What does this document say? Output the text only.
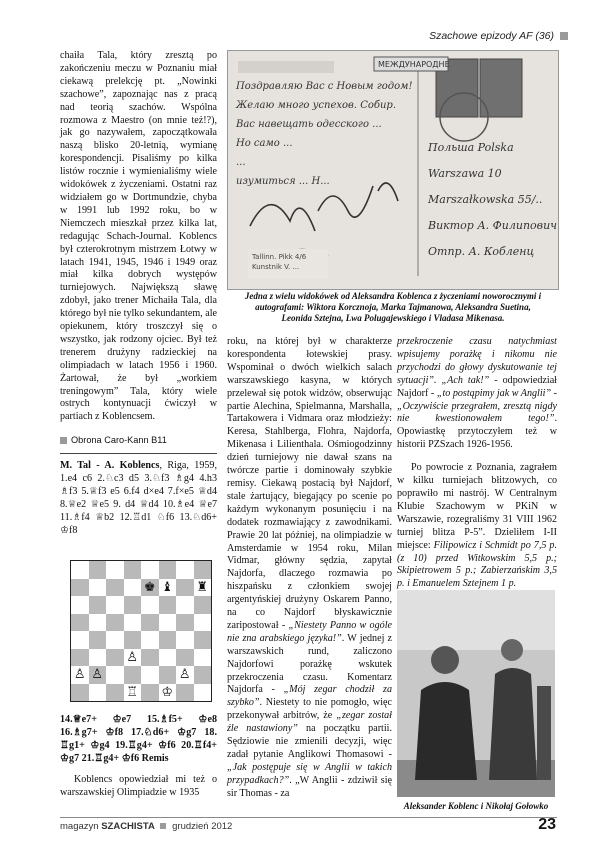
Szachowe epizody AF (36)

chaiła Tala, który zresztą po zakończeniu meczu w Poznaniu miał ciekawą prelekcję pt. „Nowinki szachowe”, zapoznając nas z pracą nad teorią szachów. Wspólna rozmowa z Maestro (on mnie też!?), jak go nazywałem, zapoczątkowała naszą blisko 20-letnią, wymianę korespondencji. Pisaliśmy po kilka listów rocznie i wymienialiśmy wiele widokówek z życzeniami. Ostatni raz widziałem go w Dortmundzie, chyba w 1991 lub 1992 roku, bo w Niemczech mieszkał przez kilka lat, redagując Schach-Journal. Koblencs był czterokrotnym mistrzem Łotwy w latach 1941, 1945, 1946 i 1949 oraz miał kilka dobrych występów turniejowych. Największą sławę zdobył, jako trener Michaiła Tala, dla którego był nie tylko sekundantem, ale opiekunem, który troszczył się o wszystko, jak rodzony ojciec. Był też trenerem drużyny radzieckiej na olimpiadach w latach 1956 i 1960. Żartował, że był „workiem treningowym” Tala, który wiele ostrych kontynuacji ćwiczył w partiach z Koblencsem.

Obrona Caro-Kann B11

M. Tal - A. Koblencs, Riga, 1959, 1.e4 c6 2.♘c3 d5 3.♘f3 ♗g4 4.h3 ♗f3 5.♕f3 e5 6.f4 d×e4 7.f×e5 ♕d4 8.♕e2 ♕e5 9. d4 ♕d4 10.♗e4 ♕e7 11.♗f4 ♕b2 12.♖d1 ♘f6 13.♘d6+ ♔f8

♚ ♝ ♜
♙
♙ ♙	♙
♖ ♔

14.♕e7+ ♔e7 15.♗f5+ ♔e8 16.♗g7+ ♔f8 17.♘d6+ ♔g7 18. ♖g1+ ♔g4 19.♖g4+ ♔f6 20.♖f4+ ♔g7 21.♖g4+ ♔f6 Remis

Koblencs opowiedział mi też o warszawskiej Olimpiadzie w 1935

МЕЖДУНАРОДНЕ
Поздравляю Вас с Новым годом!
Желаю много успехов. Собир.
Вас навещать одесского ...
Но само ...
...
изумиться ... Н...
Польша Polska
Warszawa 10
Marszałkowska 55/..
Виктор А. Филипович
Отпр. А. Кобленц
Tallinn. Pikk 4/6
Kunstnik V. ...
Jedna z wielu widokówek od Aleksandra Koblenca z życzeniami noworocznymi i autografami: Wiktora Korcznoja, Marka Tajmanowa, Aleksandra Suetina, Leonida Sztejna, Lwa Polugajewskiego i Vladasa Mikenasa.

roku, na której był w charakterze korespondenta łotewskiej prasy. Wspominał o dwóch wielkich salach warszawskiego kasyna, w których przelewał się potok widzów, obserwując partie Alechina, Spielmanna, Marshalla, Tartakowera i Vidmara oraz młodzieży: Keresa, Stahlberga, Flohra, Najdorfa, Mikenasa i Lilienthala. Ośmiogodzinny dzień turniejowy nie dawał szans na twórcze partie i dominowały szybkie remisy. Ciekawą postacią był Najdorf, stale żartujący, biegający po scenie po każdym wykonanym posunięciu i na dodatek rozmawiający z zawodnikami. Prawie 20 lat później, na olimpiadzie w Amsterdamie w 1954 roku, Milan Vidmar, główny sędzia, zapytał Najdorfa, dlaczego rozmawia po hiszpańsku z członkiem swojej argentyńskiej drużyny Oskarem Panno, na co Najdorf błyskawicznie zaripostował - „Niestety Panno w ogóle nie zna arabskiego języka!”. W jednej z warszawskich rund, zaliczono Najdorfowi porażkę wskutek przekroczenia czasu. Komentarz Najdorfa - „Mój zegar chodził za szybko”. Niestety to nie pomogło, więc przekonywał arbitrów, że „zegar został źle nastawiony” na początku partii. Sędziowie nie zmienili decyzji, więc zadał pytanie Anglikowi Thomasowi - „Jak postępuje się w Anglii w takich przypadkach?”. „W Anglii - zdziwił się sir Thomas - za

przekroczenie czasu natychmiast wpisujemy porażkę i nikomu nie przychodzi do głowy dyskutowanie tej sytuacji”. „Ach tak!” - odpowiedział Najdorf - „to postąpimy jak w Anglii” - „Oczywiście przegrałem, zresztą nigdy nie kwestionowałem tego!”. Opowiastkę przytoczyłem też w historii PZSzach 1926-1956.

Po powrocie z Poznania, zagrałem w kilku turniejach błitzowych, co poprawiło mi nastrój. W Centralnym Klubie Szachowym w PKiN w Warszawie, rozegraliśmy 31 VIII 1962 turniej blitza P-5”. Dzieliłem I-II miejsce: Filipowicz i Schmidt po 7,5 p. (z 10) przed Witkowskim 5,5 p.; Skipietrowem 5 p.; Zabierzańskim 3,5 p. i Emanuelem Sztejnem 1 p.

Aleksander Koblenc i Nikołaj Gołowko
magazyn SZACHISTA grudzień 2012	23
